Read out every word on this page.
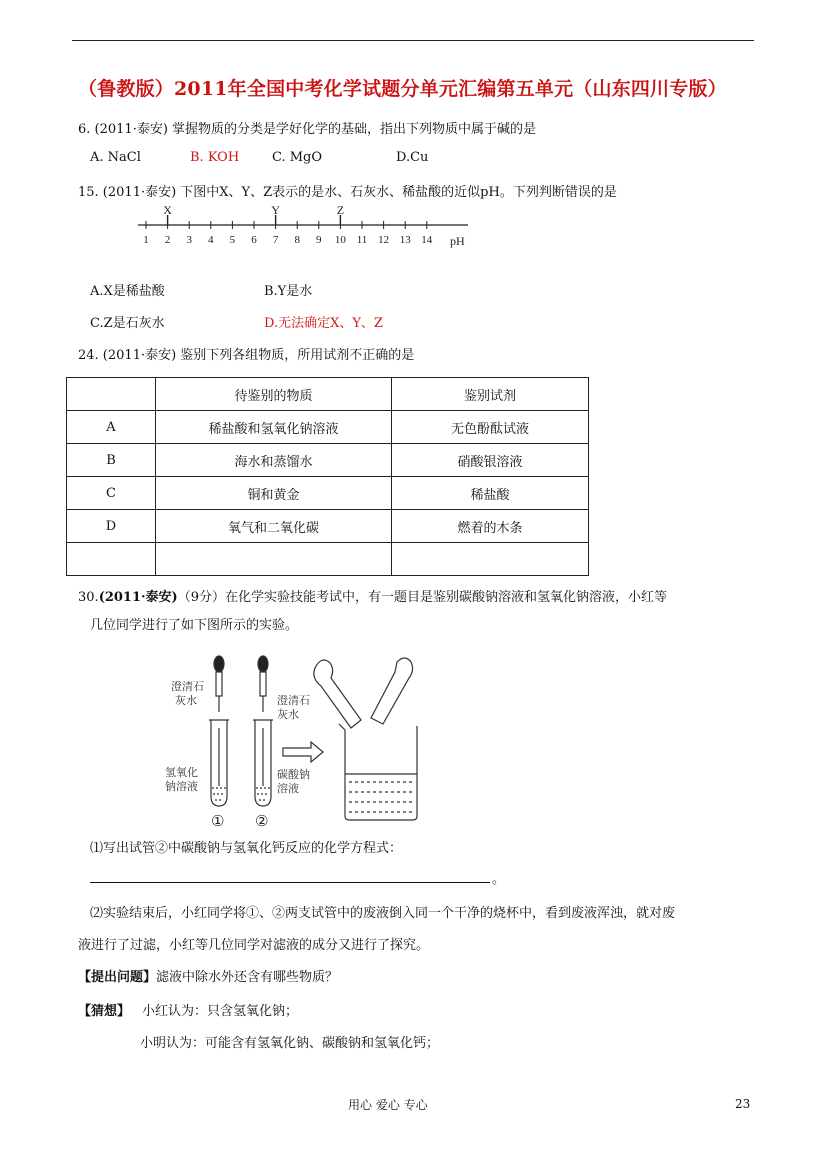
（鲁教版）2011年全国中考化学试题分单元汇编第五单元（山东四川专版）
6. (2011·泰安) 掌握物质的分类是学好化学的基础，指出下列物质中属于碱的是
A. NaCl	B. KOH	C. MgO	D.Cu
15. (2011·泰安) 下图中X、Y、Z表示的是水、石灰水、稀盐酸的近似pH。下列判断错误的是
1 2 3 4 5 6 7 8 9 10 11 12 13 14
X	Y	Z
pH
A.X是稀盐酸	B.Y是水
C.Z是石灰水	D.无法确定X、Y、Z
24. (2011·泰安) 鉴别下列各组物质，所用试剂不正确的是
	待鉴别的物质	鉴别试剂
A	稀盐酸和氢氧化钠溶液	无色酚酞试液
B	海水和蒸馏水	硝酸银溶液
C	铜和黄金	稀盐酸
D	氧气和二氧化碳	燃着的木条

30.(2011·泰安)（9分）在化学实验技能考试中，有一题目是鉴别碳酸钠溶液和氢氧化钠溶液，小红等
几位同学进行了如下图所示的实验。
澄清石
灰水	澄清石
灰水
氢氧化
钠溶液
碳酸钠
溶液
① ②
⑴写出试管②中碳酸钠与氢氧化钙反应的化学方程式：
。
⑵实验结束后，小红同学将①、②两支试管中的废液倒入同一个干净的烧杯中，看到废液浑浊，就对废
液进行了过滤，小红等几位同学对滤液的成分又进行了探究。
【提出问题】滤液中除水外还含有哪些物质？
【猜想】 小红认为：只含氢氧化钠；
小明认为：可能含有氢氧化钠、碳酸钠和氢氧化钙；
用心 爱心 专心	23
